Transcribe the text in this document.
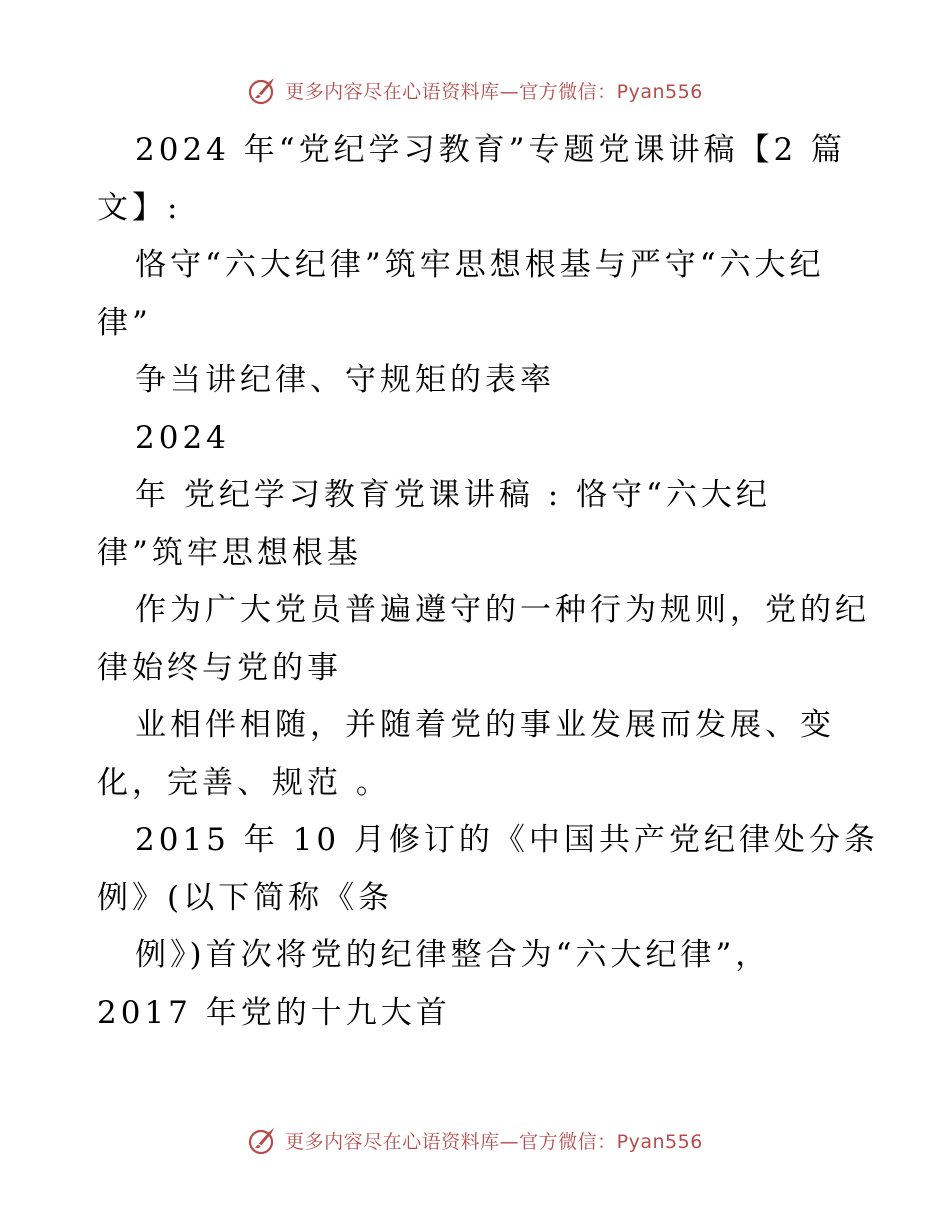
更多内容尽在心语资料库—官方微信：Pyan556
2024 年“党纪学习教育”专题党课讲稿【2 篇
文】:
恪守“六大纪律”筑牢思想根基与严守“六大纪
律”
争当讲纪律、守规矩的表率
2024
年 党纪学习教育党课讲稿 : 恪守“六大纪
律”筑牢思想根基
作为广大党员普遍遵守的一种行为规则，党的纪
律始终与党的事
业相伴相随，并随着党的事业发展而发展、变
化，完善、规范 。
2015 年 10 月修订的《中国共产党纪律处分条
例》(以下简称《条
例》)首次将党的纪律整合为“六大纪律”，
2017 年党的十九大首
更多内容尽在心语资料库—官方微信：Pyan556
